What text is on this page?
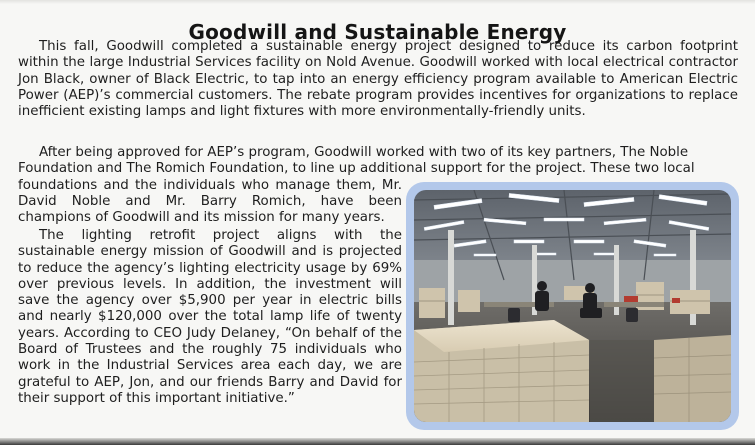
Goodwill and Sustainable Energy

This fall, Goodwill completed a sustainable energy project designed to reduce its carbon footprint within the large Industrial Services facility on Nold Avenue. Goodwill worked with local electrical contractor Jon Black, owner of Black Electric, to tap into an energy efficiency program available to American Electric Power (AEP)’s commercial customers. The rebate program provides incentives for organizations to replace inefficient existing lamps and light fixtures with more environmentally-friendly units.

After being approved for AEP’s program, Goodwill worked with two of its key partners, The Noble
Foundation and The Romich Foundation, to line up additional support for the project. These two local
foundations and the individuals who manage them, Mr.
David Noble and Mr. Barry Romich, have been
champions of Goodwill and its mission for many years.

The lighting retrofit project aligns with the sustainable energy mission of Goodwill and is projected to reduce the agency’s lighting electricity usage by 69% over previous levels. In addition, the investment will save the agency over $5,900 per year in electric bills and nearly $120,000 over the total lamp life of twenty years. According to CEO Judy Delaney, “On behalf of the Board of Trustees and the roughly 75 individuals who work in the Industrial Services area each day, we are grateful to AEP, Jon, and our friends Barry and David for their support of this important initiative.”
